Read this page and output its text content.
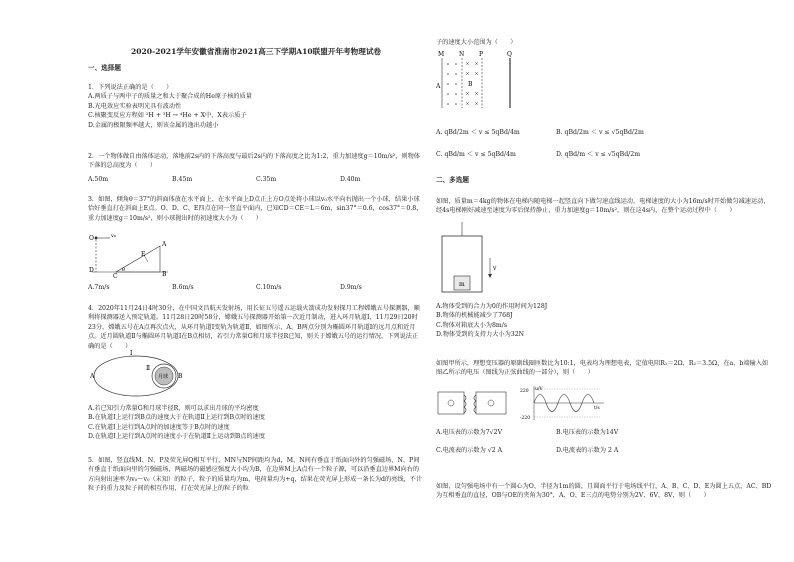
2020-2021学年安徽省淮南市2021高三下学期A10联盟开年考物理试卷
一、选择题
1．下列说法正确的是（　　）
A.两质子与两中子的质量之和大于聚合成的He原子核的质量
B.光电效应实验表明光具有波动性
C.核聚变反应方程如 ²H + ³H → ⁴He + X中，X表示质子
D.金属的极限频率越大，则该金属的逸出功越小
2．一个物体做自由落体运动，落地前2s内的下落高度与最后2s内的下落高度之比为1:2，重力加速度g＝10m/s²，则物体下落的总高度为（　　）
A.50m	B.45m	C.35m	D.40m
3．如图，倾角θ＝37°的斜面体放在水平面上，在水平面上D点正上方O点处将小球以v₀水平向右抛出一个小球，结果小球恰好垂直打在斜面上E点。O、D、C、E四点在同一竖直平面内，已知CD＝CE＝L＝6m，sin37°＝0.6，cos37°＝0.8，重力加速度g＝10m/s²，则小球抛出时的初速度大小为（　　）
O	v₀
D
C
E
A
B
θ
A.7m/s	B.6m/s	C.10m/s	D.9m/s
4．2020年11月24日4时30分，在中国文昌航天发射场，用长征五号遥五运载火箭成功发射探月工程嫦娥五号探测器，顺利将探测器送入预定轨道。11月28日20时58分，嫦娥五号探测器开始第一次近月制动，进入环月轨道Ⅰ，11月29日20时23分，嫦娥五号在A点再次点火，从环月轨道Ⅰ变轨为轨道Ⅱ，如图所示，A、B两点分别为椭圆环月轨道Ⅰ的远月点和近月点。近月圆轨道Ⅱ与椭圆环月轨道Ⅰ在B点相切，若引力常量G和月球半径R已知，则关于嫦娥五号的运行情况，下列说法正确的是（　　）
A	B
Ⅰ
Ⅱ
月球
A.若已知引力常量G和月球半径R，则可以求出月球的平均密度
B.在轨道Ⅰ上运行到B点的速度大于在轨道Ⅱ上运行到B点时的速度
C.在轨道Ⅰ上运行到A点时的加速度等于B点时的速度
D.在轨道Ⅰ上运行到A点时的速度小于在轨道Ⅱ上运动到B点的速度
5．如图，竖直线M、N、P及荧光屏Q相互平行，MN与NP间距均为d，M、N间有垂直于纸面向外的匀强磁场，N、P间有垂直于纸面向里的匀强磁场，两磁场的磁感应强度大小均为B，在边界M上A点有一个粒子源，可以沿垂直边界M向右的方向射出速率为v₀～v₀（未知）的粒子，粒子的质量均为m，电荷量均为+q，结果在荧光屏上形成一条长为d的亮线，不计粒子的重力及粒子间的相互作用，打在荧光屏上的粒子的粒
子的速度大小范围为（　　）
M N P	Q
A	B
A. qBd/2m ＜ v ≤ 5qBd/4m	B. qBd/2m ＜ v ≤ √5qBd/2m
C. qBd/m ＜ v ≤ 5qBd/4m	D. qBd/m ＜ v ≤ √5qBd/2m
二、多选题
如图，质量m＝4kg的物体在电梯内随电梯一起竖直向下做匀速直线运动，电梯速度的大小为16m/s时开始做匀减速运动，经4s电梯刚好减速至速度为零后保持静止，重力加速度g＝10m/s²，则在这4s内，在整个运动过程中（　　）
v
m
A.物体受到的合力为0的作用时间为128J
B.物体的机械能减少了768J
C.物体对箱底大小为8m/s
D.物体受到的支持力大小为32N
如图甲所示，理想变压器的原副线圈匝数比为10:1，电表均为理想电表，定值电阻R₁＝2Ω，R₂＝3.5Ω，在a、b端输入如图乙所示的电压（图线为正弦曲线的一部分），则（　　）
u/V
220
-220
t/s
A.电压表的示数为7√2V	B.电压表的示数为14V
C.电流表的示数为 √2 A	D.电流表的示数为 2 A
如图，设匀强电场中有一个圆心为O、半径为1m的圆，且圆面平行于电场线平行，A、B、C、D、E为圆上五点，AC、BD为互相垂直的直径，OB与OE的夹角为30°，A、O、E三点的电势分别为2V、6V、8V，则（　　）
